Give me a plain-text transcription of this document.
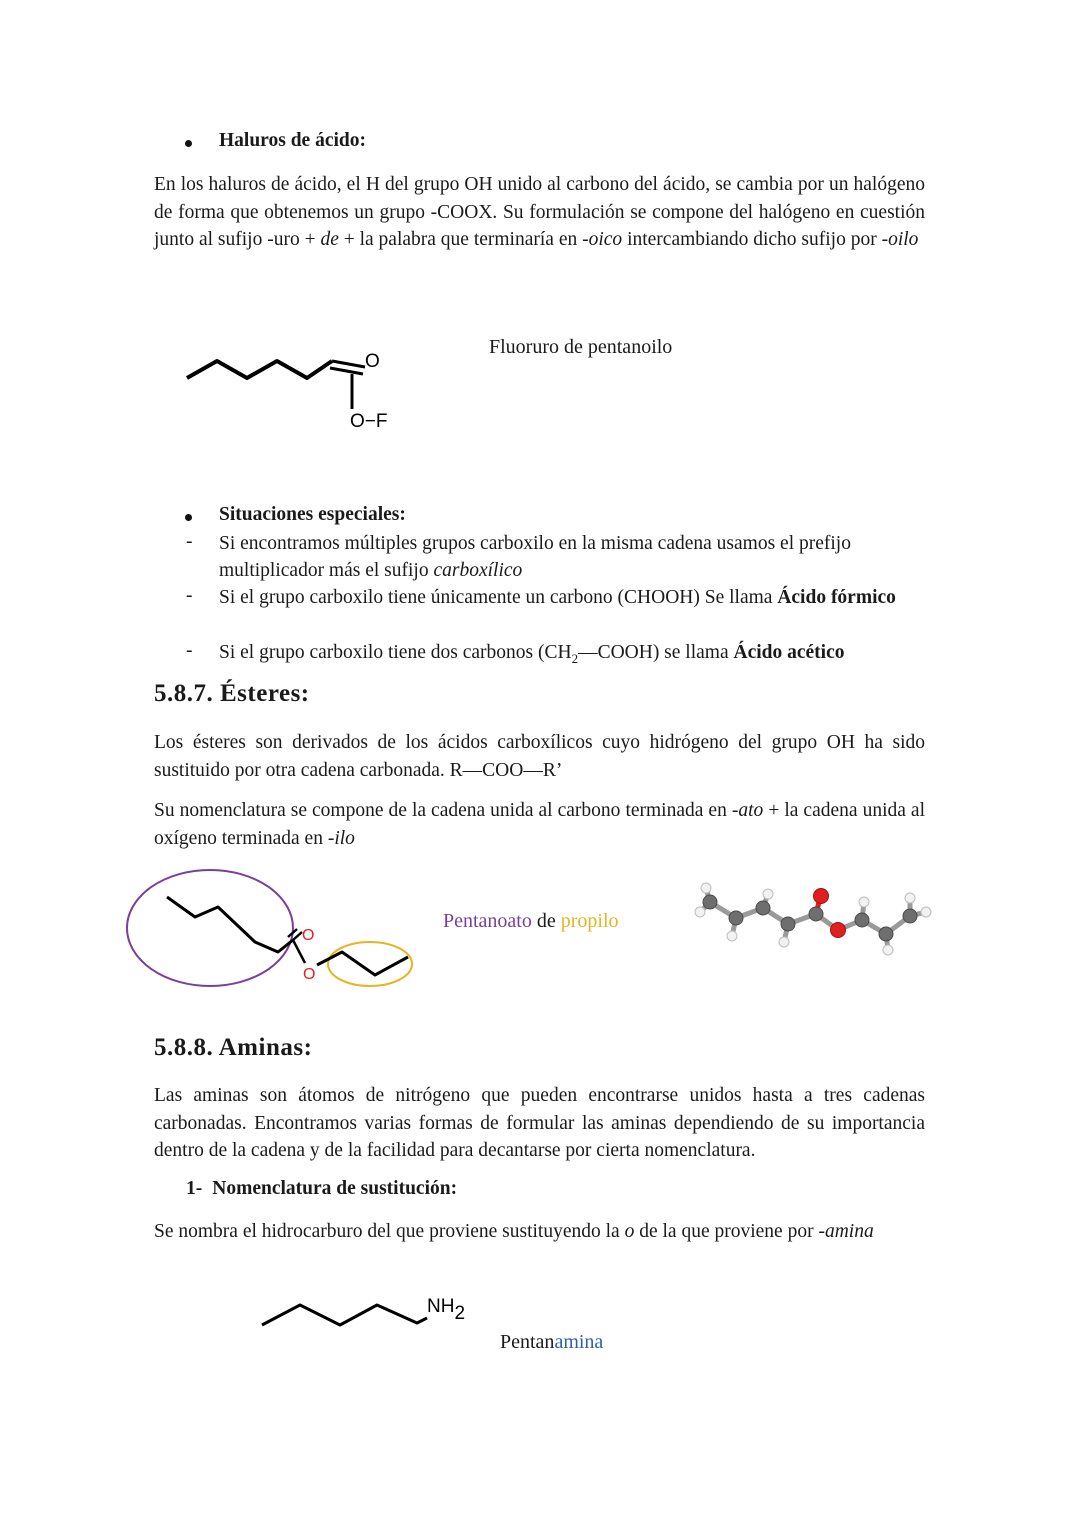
Haluros de ácido:
En los haluros de ácido, el H del grupo OH unido al carbono del ácido, se cambia por un halógeno de forma que obtenemos un grupo -COOX. Su formulación se compone del halógeno en cuestión junto al sufijo -uro + de + la palabra que terminaría en -oico intercambiando dicho sufijo por -oilo
O
O−F
Fluoruro de pentanoilo
Situaciones especiales:
- Si encontramos múltiples grupos carboxilo en la misma cadena usamos el prefijo multiplicador más el sufijo carboxílico
- Si el grupo carboxilo tiene únicamente un carbono (CHOOH) Se llama Ácido fórmico
- Si el grupo carboxilo tiene dos carbonos $(CH_2—COOH)$ se llama Ácido acético
5.8.7. Ésteres:
Los ésteres son derivados de los ácidos carboxílicos cuyo hidrógeno del grupo OH ha sido sustituido por otra cadena carbonada. R—COO—R’
Su nomenclatura se compone de la cadena unida al carbono terminada en -ato + la cadena unida al oxígeno terminada en -ilo
O
O
Pentanoato de propilo
5.8.8. Aminas:
Las aminas son átomos de nitrógeno que pueden encontrarse unidos hasta a tres cadenas carbonadas. Encontramos varias formas de formular las aminas dependiendo de su importancia dentro de la cadena y de la facilidad para decantarse por cierta nomenclatura.
1- Nomenclatura de sustitución:
Se nombra el hidrocarburo del que proviene sustituyendo la o de la que proviene por -amina
NH2
Pentanamina
